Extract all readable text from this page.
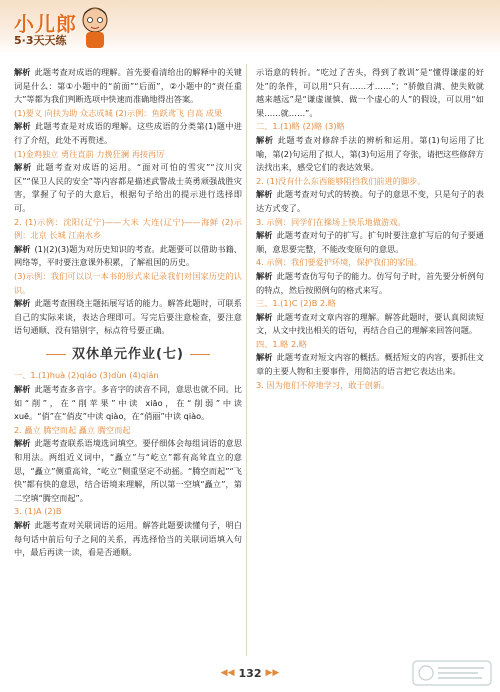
小儿郎
5·3天天练

解析 此题考查对成语的理解。首先要看清给出的解释中的关键词是什么：第①小题中的“前面”“后面”，②小题中的“责任重大”等都为我们判断选项中快速而准确地得出答案。

(1)要义 向扶为助 众志成城 (2)示例：鱼跃鸢飞 自高 成果

解析 此题考查是对成语的理解。这些成语的分类第(1)题中进行了介绍，此处不再赘述。

(1)金鸡独立 勇往直前 力挽狂澜 再接再厉

解析 此题考查对成语的运用。“面对可怕的雪灾”“汶川灾区”“保卫人民的安全”等内容都是描述武警战士英勇顽强战胜灾害，掌握了句子的大意后，根据句子给出的提示进行选择即可。

2. (1)示例：沈阳(辽宁)——大米 大连(辽宁)——海鲜 (2)示例：北京 长城 江南水乡

解析 (1)(2)(3)题为对历史知识的考查。此题要可以借助书籍、网络等，平时要注意课外积累，了解祖国的历史。

(3)示例：我们可以以一本书的形式来记录我们对国家历史的认识。

解析 此题考查围绕主题拓展写话的能力。解答此题时，可联系自己的实际来谈，表达合理即可。写完后要注意检查，要注意语句通顺、没有错别字，标点符号要正确。

双休单元作业(七)

一、1.(1)huà (2)qiáo (3)dùn (4)qián

解析 此题考查多音字。多音字的读音不同，意思也就不同。比如“削”，在“削苹果”中读 xiāo，在“削弱”中读 xuē。“俏”在“俏皮”中读 qiào，在“俏丽”中读 qiào。

2. 矗立 腾空而起 矗立 腾空而起

解析 此题考查联系语境选词填空。要仔细体会每组词语的意思和用法。两组近义词中，“矗立”与“屹立”都有高耸直立的意思，“矗立”侧重高耸，“屹立”侧重坚定不动摇。“腾空而起”“飞快”都有快的意思，结合语境来理解，所以第一空填“矗立”，第二空填“腾空而起”。

3. (1)A (2)B

解析 此题考查对关联词语的运用。解答此题要读懂句子，明白每句话中前后句子之间的关系，再选择恰当的关联词语填入句中，最后再读一读，看是否通顺。

示语意的转折。“吃过了苦头，得到了教训”是“懂得谦虚的好处”的条件，可以用“只有……才……”；“骄傲自满、使失败就越来越远”是“谦虚谨慎、做一个虚心的人”的假设，可以用“如果……就……”。

二、1.(1)略 (2)略 (3)略

解析 此题考查对修辞手法的辨析和运用。第(1)句运用了比喻，第(2)句运用了拟人，第(3)句运用了夸张，请把这些修辞方法找出来，感受它们的表达效果。

2. (1)没有什么东西能够阻挡我们前进的脚步。

解析 此题考查对句式的转换。句子的意思不变，只是句子的表达方式变了。

3. 示例：同学们在操场上快乐地做游戏。

解析 此题考查对句子的扩写。扩句时要注意扩写后的句子要通顺，意思要完整，不能改变原句的意思。

4. 示例：我们要爱护环境，保护我们的家园。

解析 此题考查仿写句子的能力。仿写句子时，首先要分析例句的特点，然后按照例句的格式来写。

三、1.(1)C (2)B 2.略

解析 此题考查对文章内容的理解。解答此题时，要认真阅读短文，从文中找出相关的语句，再结合自己的理解来回答问题。

四、1.略 2.略

解析 此题考查对短文内容的概括。概括短文的内容，要抓住文章的主要人物和主要事件，用简洁的语言把它表达出来。

3. 因为他们不停地学习，敢于创新。

◀◀ 132 ▶▶
